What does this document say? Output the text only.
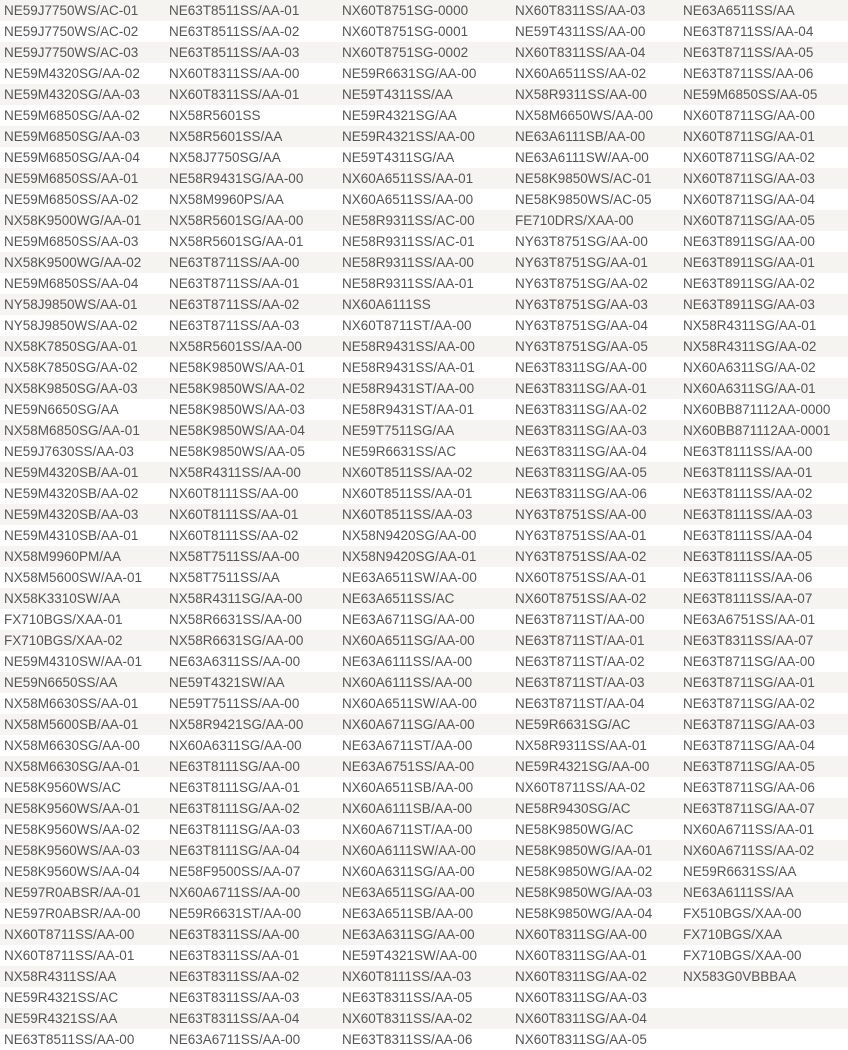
NE59J7750WS/AC-01	NE63T8511SS/AA-01	NX60T8751SG-0000	NX60T8311SS/AA-03	NE63A6511SS/AA
NE59J7750WS/AC-02	NE63T8511SS/AA-02	NX60T8751SG-0001	NE59T4311SS/AA-00	NE63T8711SS/AA-04
NE59J7750WS/AC-03	NE63T8511SS/AA-03	NX60T8751SG-0002	NX60T8311SS/AA-04	NE63T8711SS/AA-05
NE59M4320SG/AA-02	NX60T8311SS/AA-00	NE59R6631SG/AA-00	NX60A6511SS/AA-02	NE63T8711SS/AA-06
NE59M4320SG/AA-03	NX60T8311SS/AA-01	NE59T4311SS/AA	NX58R9311SS/AA-00	NE59M6850SS/AA-05
NE59M6850SG/AA-02	NX58R5601SS	NE59R4321SG/AA	NX58M6650WS/AA-00	NX60T8711SG/AA-00
NE59M6850SG/AA-03	NX58R5601SS/AA	NE59R4321SS/AA-00	NE63A6111SB/AA-00	NX60T8711SG/AA-01
NE59M6850SG/AA-04	NX58J7750SG/AA	NE59T4311SG/AA	NE63A6111SW/AA-00	NX60T8711SG/AA-02
NE59M6850SS/AA-01	NE58R9431SG/AA-00	NX60A6511SS/AA-01	NE58K9850WS/AC-01	NX60T8711SG/AA-03
NE59M6850SS/AA-02	NX58M9960PS/AA	NX60A6511SS/AA-00	NE58K9850WS/AC-05	NX60T8711SG/AA-04
NX58K9500WG/AA-01	NX58R5601SG/AA-00	NE58R9311SS/AC-00	FE710DRS/XAA-00	NX60T8711SG/AA-05
NE59M6850SS/AA-03	NX58R5601SG/AA-01	NE58R9311SS/AC-01	NY63T8751SG/AA-00	NE63T8911SG/AA-00
NX58K9500WG/AA-02	NE63T8711SS/AA-00	NE58R9311SS/AA-00	NY63T8751SG/AA-01	NE63T8911SG/AA-01
NE59M6850SS/AA-04	NE63T8711SS/AA-01	NE58R9311SS/AA-01	NY63T8751SG/AA-02	NE63T8911SG/AA-02
NY58J9850WS/AA-01	NE63T8711SS/AA-02	NX60A6111SS	NY63T8751SG/AA-03	NE63T8911SG/AA-03
NY58J9850WS/AA-02	NE63T8711SS/AA-03	NX60T8711ST/AA-00	NY63T8751SG/AA-04	NX58R4311SG/AA-01
NX58K7850SG/AA-01	NX58R5601SS/AA-00	NE58R9431SS/AA-00	NY63T8751SG/AA-05	NX58R4311SG/AA-02
NX58K7850SG/AA-02	NE58K9850WS/AA-01	NE58R9431SS/AA-01	NE63T8311SG/AA-00	NX60A6311SG/AA-02
NX58K9850SG/AA-03	NE58K9850WS/AA-02	NE58R9431ST/AA-00	NE63T8311SG/AA-01	NX60A6311SG/AA-01
NE59N6650SG/AA	NE58K9850WS/AA-03	NE58R9431ST/AA-01	NE63T8311SG/AA-02	NX60BB871112AA-0000
NX58M6850SG/AA-01	NE58K9850WS/AA-04	NE59T7511SG/AA	NE63T8311SG/AA-03	NX60BB871112AA-0001
NE59J7630SS/AA-03	NE58K9850WS/AA-05	NE59R6631SS/AC	NE63T8311SG/AA-04	NE63T8111SS/AA-00
NE59M4320SB/AA-01	NX58R4311SS/AA-00	NX60T8511SS/AA-02	NE63T8311SG/AA-05	NE63T8111SS/AA-01
NE59M4320SB/AA-02	NX60T8111SS/AA-00	NX60T8511SS/AA-01	NE63T8311SG/AA-06	NE63T8111SS/AA-02
NE59M4320SB/AA-03	NX60T8111SS/AA-01	NX60T8511SS/AA-03	NY63T8751SS/AA-00	NE63T8111SS/AA-03
NE59M4310SB/AA-01	NX60T8111SS/AA-02	NX58N9420SG/AA-00	NY63T8751SS/AA-01	NE63T8111SS/AA-04
NX58M9960PM/AA	NX58T7511SS/AA-00	NX58N9420SG/AA-01	NY63T8751SS/AA-02	NE63T8111SS/AA-05
NX58M5600SW/AA-01	NX58T7511SS/AA	NE63A6511SW/AA-00	NX60T8751SS/AA-01	NE63T8111SS/AA-06
NX58K3310SW/AA	NX58R4311SG/AA-00	NE63A6511SS/AC	NX60T8751SS/AA-02	NE63T8111SS/AA-07
FX710BGS/XAA-01	NX58R6631SS/AA-00	NE63A6711SG/AA-00	NE63T8711ST/AA-00	NE63A6751SS/AA-01
FX710BGS/XAA-02	NX58R6631SG/AA-00	NX60A6511SG/AA-00	NE63T8711ST/AA-01	NE63T8311SS/AA-07
NE59M4310SW/AA-01	NE63A6311SS/AA-00	NE63A6111SS/AA-00	NE63T8711ST/AA-02	NE63T8711SG/AA-00
NE59N6650SS/AA	NE59T4321SW/AA	NX60A6111SS/AA-00	NE63T8711ST/AA-03	NE63T8711SG/AA-01
NX58M6630SS/AA-01	NE59T7511SS/AA-00	NX60A6511SW/AA-00	NE63T8711ST/AA-04	NE63T8711SG/AA-02
NX58M5600SB/AA-01	NX58R9421SG/AA-00	NX60A6711SG/AA-00	NE59R6631SG/AC	NE63T8711SG/AA-03
NX58M6630SG/AA-00	NX60A6311SG/AA-00	NE63A6711ST/AA-00	NX58R9311SS/AA-01	NE63T8711SG/AA-04
NX58M6630SG/AA-01	NE63T8111SG/AA-00	NE63A6751SS/AA-00	NE59R4321SG/AA-00	NE63T8711SG/AA-05
NE58K9560WS/AC	NE63T8111SG/AA-01	NX60A6511SB/AA-00	NX60T8711SS/AA-02	NE63T8711SG/AA-06
NE58K9560WS/AA-01	NE63T8111SG/AA-02	NX60A6111SB/AA-00	NE58R9430SG/AC	NE63T8711SG/AA-07
NE58K9560WS/AA-02	NE63T8111SG/AA-03	NX60A6711ST/AA-00	NE58K9850WG/AC	NX60A6711SS/AA-01
NE58K9560WS/AA-03	NE63T8111SG/AA-04	NX60A6111SW/AA-00	NE58K9850WG/AA-01	NX60A6711SS/AA-02
NE58K9560WS/AA-04	NE58F9500SS/AA-07	NX60A6311SG/AA-00	NE58K9850WG/AA-02	NE59R6631SS/AA
NE597R0ABSR/AA-01	NX60A6711SS/AA-00	NE63A6511SG/AA-00	NE58K9850WG/AA-03	NE63A6111SS/AA
NE597R0ABSR/AA-00	NE59R6631ST/AA-00	NE63A6511SB/AA-00	NE58K9850WG/AA-04	FX510BGS/XAA-00
NX60T8711SS/AA-00	NE63T8311SS/AA-00	NE63A6311SG/AA-00	NX60T8311SG/AA-00	FX710BGS/XAA
NX60T8711SS/AA-01	NE63T8311SS/AA-01	NE59T4321SW/AA-00	NX60T8311SG/AA-01	FX710BGS/XAA-00
NX58R4311SS/AA	NE63T8311SS/AA-02	NX60T8111SS/AA-03	NX60T8311SG/AA-02	NX583G0VBBBAA
NE59R4321SS/AC	NE63T8311SS/AA-03	NE63T8311SS/AA-05	NX60T8311SG/AA-03	
NE59R4321SS/AA	NE63T8311SS/AA-04	NX60T8311SS/AA-02	NX60T8311SG/AA-04	
NE63T8511SS/AA-00	NE63A6711SS/AA-00	NE63T8311SS/AA-06	NX60T8311SG/AA-05	
